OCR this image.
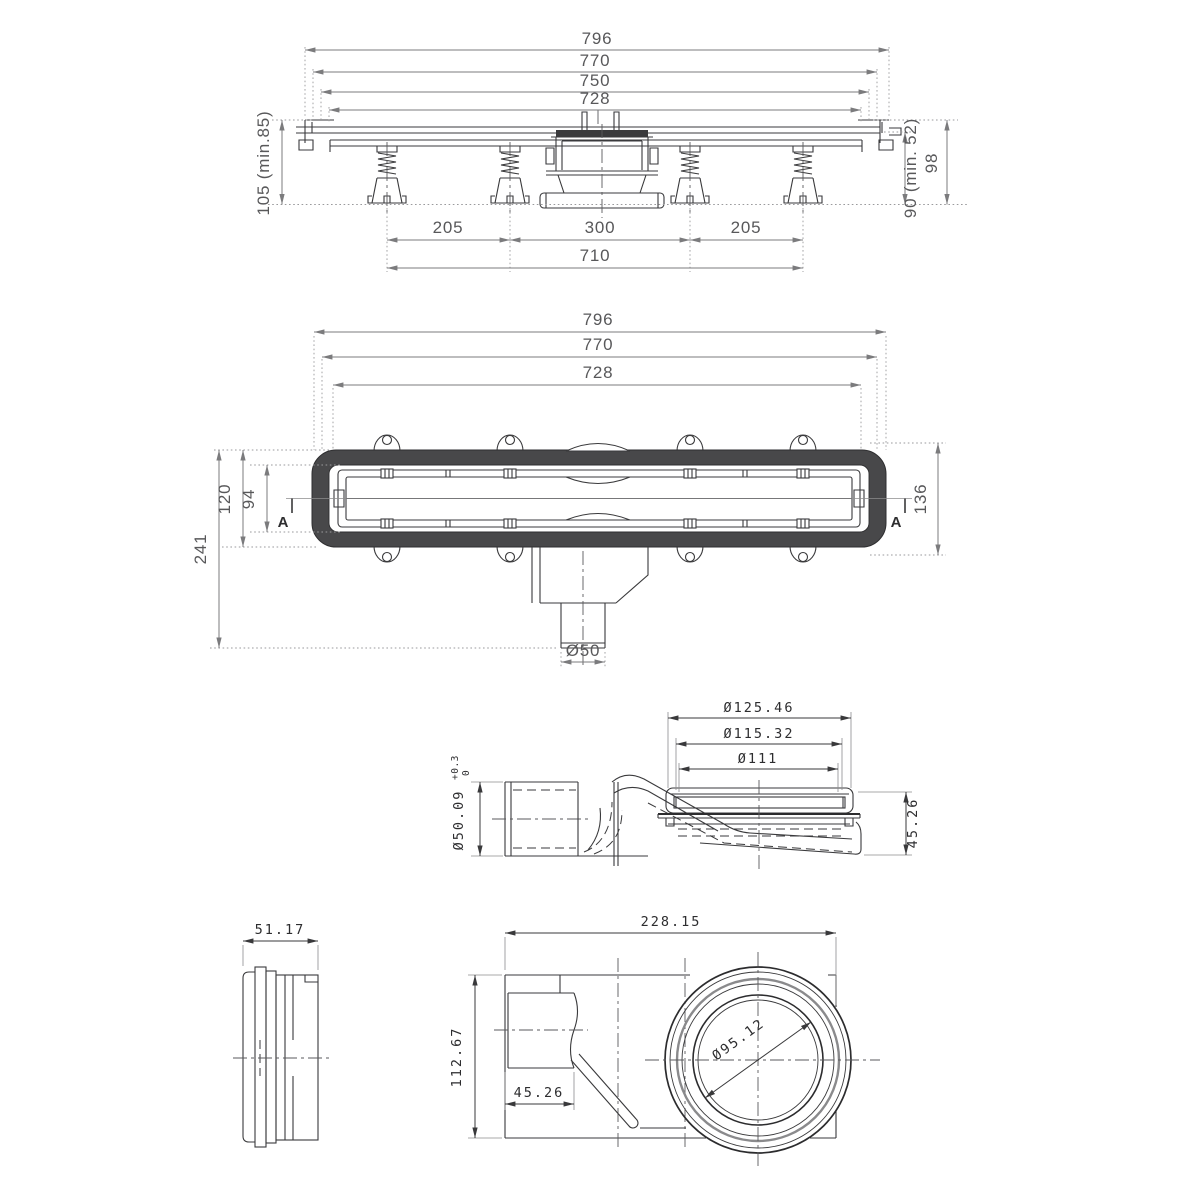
796
770
750
728
205	300	205
710
105 (min.85)	90 (min. 52) 98
796
770
728
A	A
Ø50
241
120 94	136
Ø125.46
Ø115.32
Ø111
Ø50.09
+0.3 0
45.26
51.17	228.15
112.67
45.26
Ø95.12
